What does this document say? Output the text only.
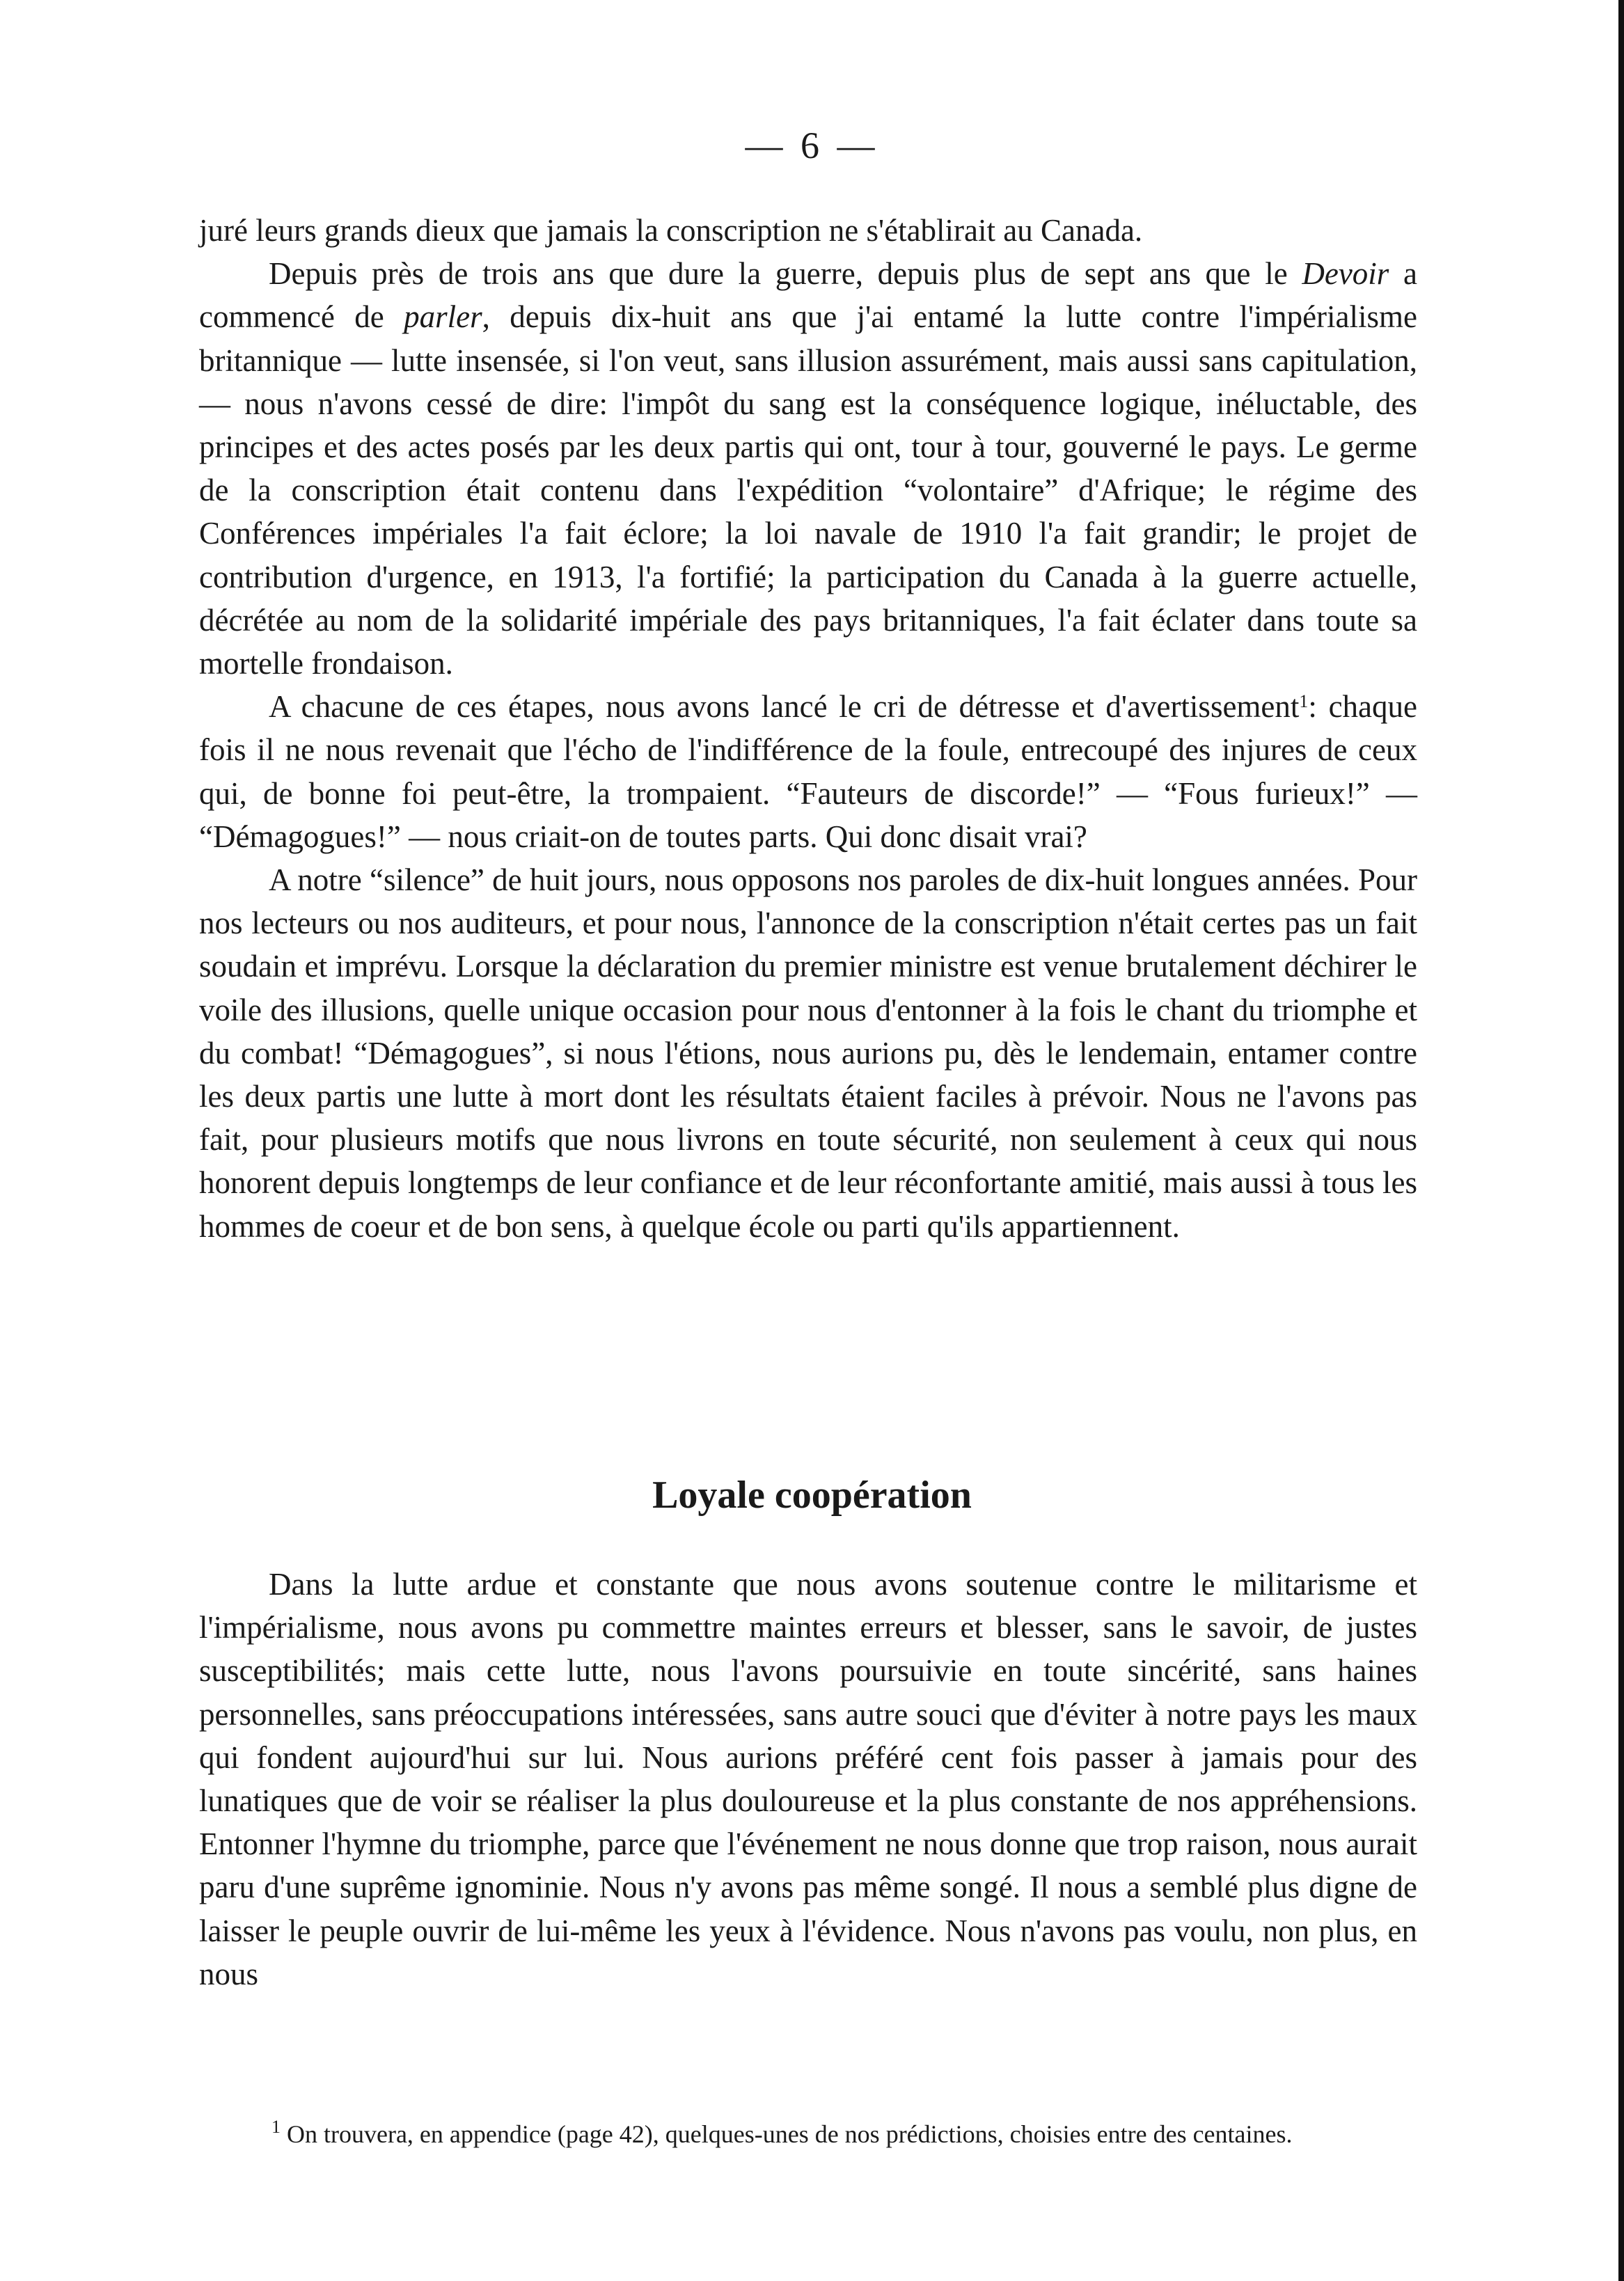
— 6 —

juré leurs grands dieux que jamais la conscription ne s'établirait au Canada.

Depuis près de trois ans que dure la guerre, depuis plus de sept ans que le Devoir a commencé de parler, depuis dix-huit ans que j'ai entamé la lutte contre l'impérialisme britannique — lutte insensée, si l'on veut, sans illusion assurément, mais aussi sans capitulation, — nous n'avons cessé de dire: l'impôt du sang est la conséquence logique, inéluctable, des principes et des actes posés par les deux partis qui ont, tour à tour, gouverné le pays. Le germe de la conscription était contenu dans l'expédition “volontaire” d'Afrique; le régime des Conférences impériales l'a fait éclore; la loi navale de 1910 l'a fait grandir; le projet de contribution d'urgence, en 1913, l'a fortifié; la participation du Canada à la guerre actuelle, décrétée au nom de la solidarité impériale des pays britanniques, l'a fait éclater dans toute sa mortelle frondaison.

A chacune de ces étapes, nous avons lancé le cri de détresse et d'avertissement$^1$: chaque fois il ne nous revenait que l'écho de l'indifférence de la foule, entrecoupé des injures de ceux qui, de bonne foi peut-être, la trompaient. “Fauteurs de discorde!” — “Fous furieux!” — “Démagogues!” — nous criait-on de toutes parts. Qui donc disait vrai?

A notre “silence” de huit jours, nous opposons nos paroles de dix-huit longues années. Pour nos lecteurs ou nos auditeurs, et pour nous, l'annonce de la conscription n'était certes pas un fait soudain et imprévu. Lorsque la déclaration du premier ministre est venue brutalement déchirer le voile des illusions, quelle unique occasion pour nous d'entonner à la fois le chant du triomphe et du combat! “Démagogues”, si nous l'étions, nous aurions pu, dès le lendemain, entamer contre les deux partis une lutte à mort dont les résultats étaient faciles à prévoir. Nous ne l'avons pas fait, pour plusieurs motifs que nous livrons en toute sécurité, non seulement à ceux qui nous honorent depuis longtemps de leur confiance et de leur réconfortante amitié, mais aussi à tous les hommes de coeur et de bon sens, à quelque école ou parti qu'ils appartiennent.

Loyale coopération

Dans la lutte ardue et constante que nous avons soutenue contre le militarisme et l'impérialisme, nous avons pu commettre maintes erreurs et blesser, sans le savoir, de justes susceptibilités; mais cette lutte, nous l'avons poursuivie en toute sincérité, sans haines personnelles, sans préoccupations intéressées, sans autre souci que d'éviter à notre pays les maux qui fondent aujourd'hui sur lui. Nous aurions préféré cent fois passer à jamais pour des lunatiques que de voir se réaliser la plus douloureuse et la plus constante de nos appréhensions. Entonner l'hymne du triomphe, parce que l'événement ne nous donne que trop raison, nous aurait paru d'une suprême ignominie. Nous n'y avons pas même songé. Il nous a semblé plus digne de laisser le peuple ouvrir de lui-même les yeux à l'évidence. Nous n'avons pas voulu, non plus, en nous

$^1$ On trouvera, en appendice (page 42), quelques-unes de nos prédictions, choisies entre des centaines.
